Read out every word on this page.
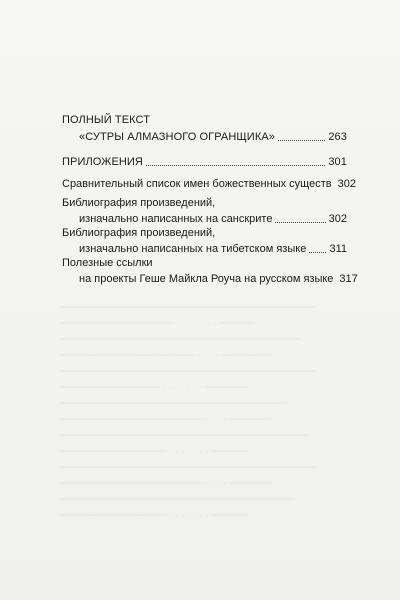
────────────────────────────────────
──────────────── · · · · · · · ─────
──────────────────────────────────
─────────────────── · · · · ───────
────────────────────────────────────
────────────── · · · · · · · ──────
────────────────────────────────
──────────────────── · · · · ──────
───────────────────────────────────
─────────────── · · · · · · · ─────
────────────────────────────────────
──────────────────── · · · · ──────
─────────────────────────────────
─────────────── · · · · · · · ─────
ПОЛНЫЙ ТЕКСТ
«СУТРЫ АЛМАЗНОГО ОГРАНЩИКА»	263
ПРИЛОЖЕНИЯ	301
Сравнительный список имен божественных существ 302
Библиография произведений,
изначально написанных на санскрите	302
Библиография произведений,
изначально написанных на тибетском языке 311
Полезные ссылки
на проекты Геше Майкла Роуча на русском языке 317
